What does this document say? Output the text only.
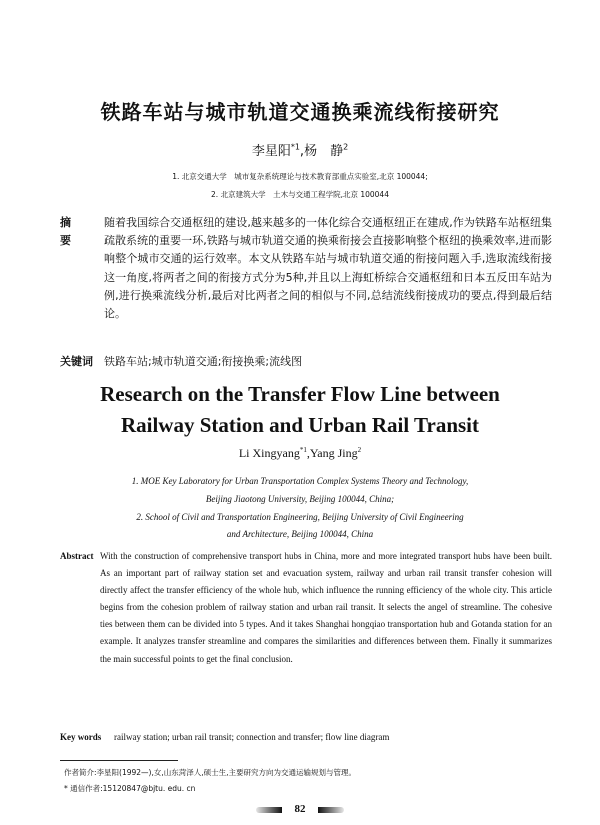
铁路车站与城市轨道交通换乘流线衔接研究
李星阳$^{*1}$,杨　静$^2$
1. 北京交通大学　城市复杂系统理论与技术教育部重点实验室,北京 100044;
2. 北京建筑大学　土木与交通工程学院,北京 100044
摘　要
随着我国综合交通枢纽的建设,越来越多的一体化综合交通枢纽正在建成,作为铁路车站枢纽集疏散系统的重要一环,铁路与城市轨道交通的换乘衔接会直接影响整个枢纽的换乘效率,进而影响整个城市交通的运行效率。本文从铁路车站与城市轨道交通的衔接问题入手,选取流线衔接这一角度,将两者之间的衔接方式分为5种,并且以上海虹桥综合交通枢纽和日本五反田车站为例,进行换乘流线分析,最后对比两者之间的相似与不同,总结流线衔接成功的要点,得到最后结论。
关键词 铁路车站;城市轨道交通;衔接换乘;流线图
Research on the Transfer Flow Line between
Railway Station and Urban Rail Transit
Li Xingyang$^{*1}$,Yang Jing$^2$
1. MOE Key Laboratory for Urban Transportation Complex Systems Theory and Technology,
Beijing Jiaotong University, Beijing 100044, China;
2. School of Civil and Transportation Engineering, Beijing University of Civil Engineering
and Architecture, Beijing 100044, China
Abstract With the construction of comprehensive transport hubs in China, more and more integrated transport hubs have been built. As an important part of railway station set and evacuation system, railway and urban rail transit transfer cohesion will directly affect the transfer efficiency of the whole hub, which influence the running efficiency of the whole city. This article begins from the cohesion problem of railway station and urban rail transit. It selects the angel of streamline. The cohesive ties between them can be divided into 5 types. And it takes Shanghai hongqiao transportation hub and Gotanda station for an example. It analyzes transfer streamline and compares the similarities and differences between them. Finally it summarizes the main successful points to get the final conclusion.
Key words railway station; urban rail transit; connection and transfer; flow line diagram
作者简介:李星阳(1992—),女,山东菏泽人,硕士生,主要研究方向为交通运输规划与管理。
* 通信作者:15120847@bjtu. edu. cn
82
